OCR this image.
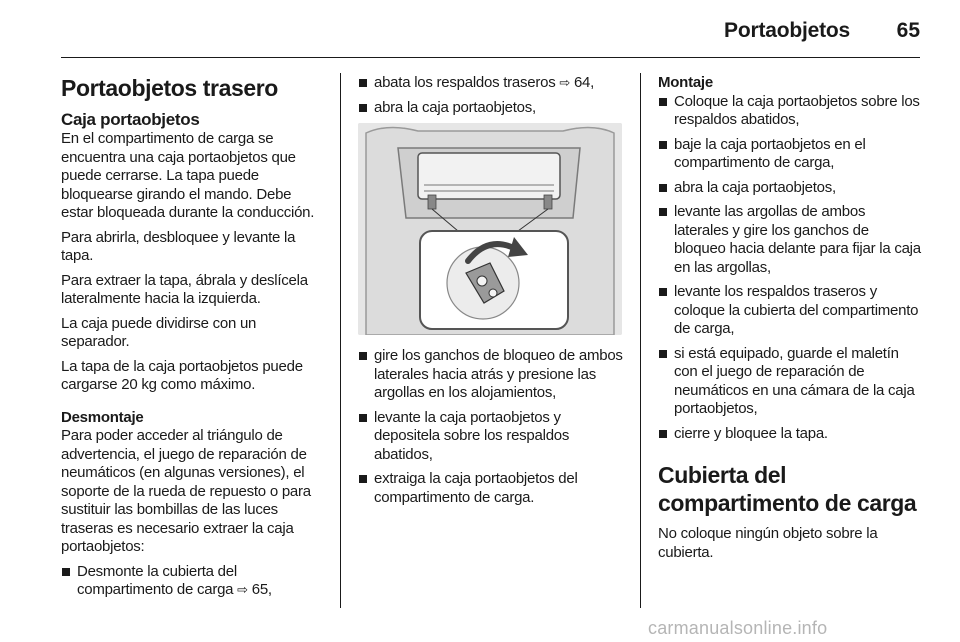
Portaobjetos	65
Portaobjetos trasero
Caja portaobjetos

En el compartimento de carga se encuentra una caja portaobjetos que puede cerrarse. La tapa puede bloquearse girando el mando. Debe estar bloqueada durante la conducción.

Para abrirla, desbloquee y levante la tapa.

Para extraer la tapa, ábrala y deslícela lateralmente hacia la izquierda.

La caja puede dividirse con un separador.

La tapa de la caja portaobjetos puede cargarse 20 kg como máximo.

Desmontaje

Para poder acceder al triángulo de advertencia, el juego de reparación de neumáticos (en algunas versiones), el soporte de la rueda de repuesto o para sustituir las bombillas de las luces traseras es necesario extraer la caja portaobjetos:

Desmonte la cubierta del compartimento de carga ⇨ 65,
abata los respaldos traseros ⇨ 64,
abra la caja portaobjetos,
gire los ganchos de bloqueo de ambos laterales hacia atrás y presione las argollas en los alojamientos,
levante la caja portaobjetos y depositela sobre los respaldos abatidos,
extraiga la caja portaobjetos del compartimento de carga.
Montaje
Coloque la caja portaobjetos sobre los respaldos abatidos,
baje la caja portaobjetos en el compartimento de carga,
abra la caja portaobjetos,
levante las argollas de ambos laterales y gire los ganchos de bloqueo hacia delante para fijar la caja en las argollas,
levante los respaldos traseros y coloque la cubierta del compartimento de carga,
si está equipado, guarde el maletín con el juego de reparación de neumáticos en una cámara de la caja portaobjetos,
cierre y bloquee la tapa.
Cubierta del compartimento de carga

No coloque ningún objeto sobre la cubierta.

carmanualsonline.info
